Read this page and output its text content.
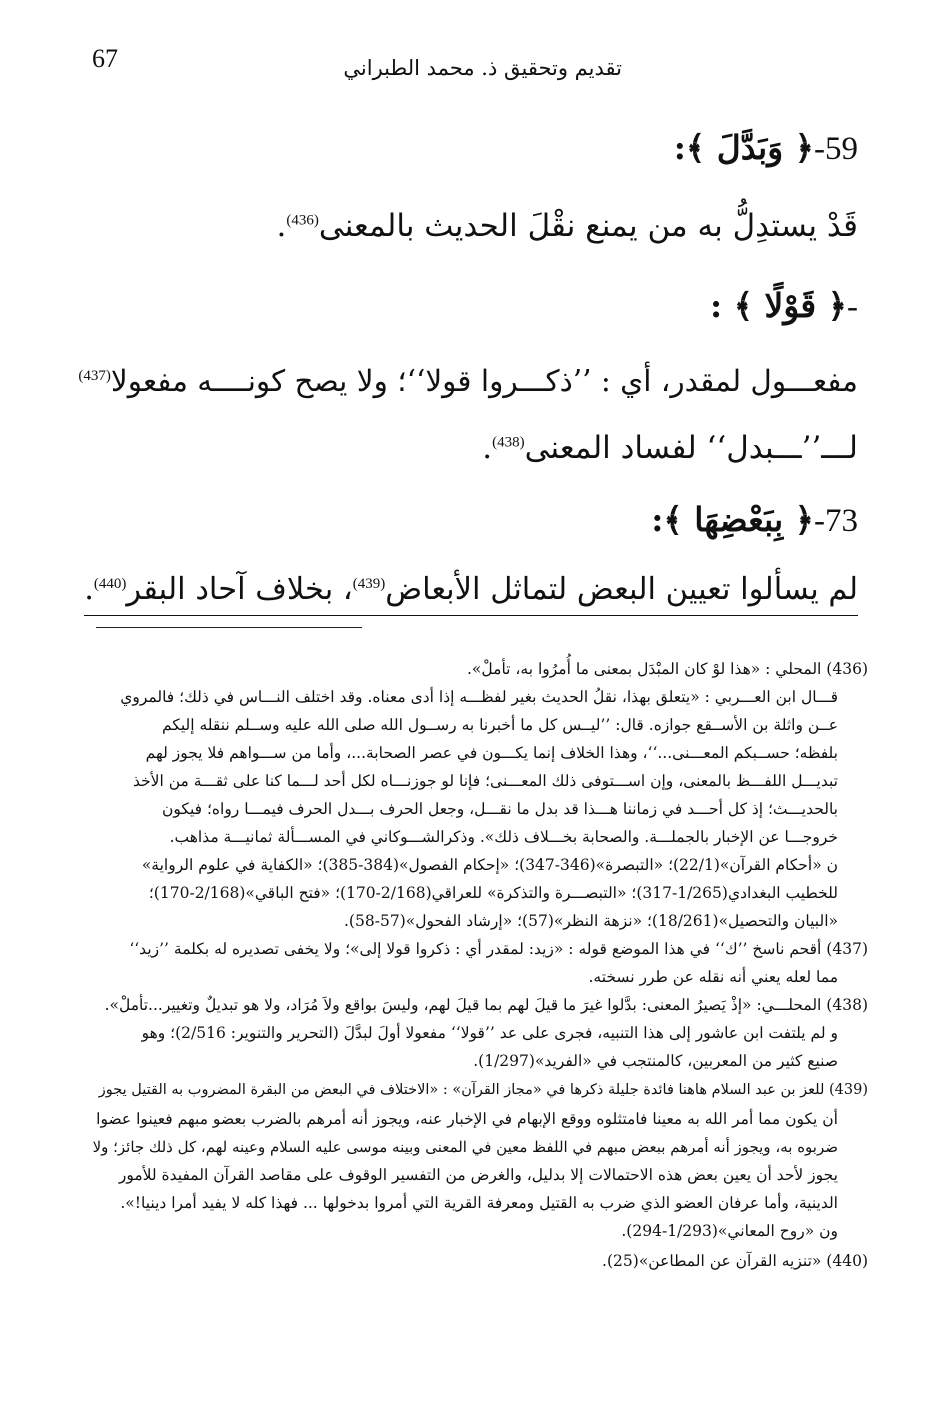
67	تقديم وتحقيق ذ. محمد الطبراني
59-﴿ وَبَدَّلَ ﴾:
قَدْ يستدِلُّ به من يمنع نقْلَ الحديث بالمعنى$^{(436)}$.
-﴿ قَوْلًا ﴾ :
مفعـــول لمقدر، أي : ’’ذكـــروا قولا‘‘؛ ولا يصح كونــــه مفعولا$^{(437)}$
لـــ’’ـــبدل‘‘ لفساد المعنى$^{(438)}$.
73-﴿ بِبَعْضِهَا ﴾:
لم يسألوا تعيين البعض لتماثل الأبعاض$^{(439)}$، بخلاف آحاد البقر$^{(440)}$.
(436) المحلي : «هذا لوْ كان المبْدَل بمعنى ما أُمرُوا به، تأملْ».
قـــال ابن العـــربي : «يتعلق بهذا، نقلُ الحديث بغير لفظـــه إذا أدى معناه. وقد اختلف النـــاس في ذلك؛ فالمروي
عــن واثلة بن الأســقع جوازه. قال: ’’ليــس كل ما أخبرنا به رســول الله صلى الله عليه وســلم ننقله إليكم
بلفظه؛ حســبكم المعـــنى...‘‘، وهذا الخلاف إنما يكـــون في عصر الصحابة...، وأما من ســـواهم فلا يجوز لهم
تبديـــل اللفـــظ بالمعنى، وإن اســـتوفى ذلك المعـــنى؛ فإنا لو جوزنـــاه لكل أحد لـــما كنا على ثقـــة من الأخذ
بالحديـــث؛ إذ كل أحـــد في زماننا هـــذا قد بدل ما نقـــل، وجعل الحرف بـــدل الحرف فيمـــا رواه؛ فيكون
خروجـــا عن الإخبار بالجملـــة. والصحابة بخـــلاف ذلك». وذكرالشـــوكاني في المســـألة ثمانيـــة مذاهب.
ن «أحكام القرآن»(22/1)؛ «التبصرة»(346-347)؛ «إحكام الفصول»(384-385)؛ «الكفاية في علوم الرواية»
للخطيب البغدادي(1/265-317)؛ «التبصـــرة والتذكرة» للعراقي(2/168-170)؛ «فتح الباقي»(2/168-170)؛
«البيان والتحصيل»(18/261)؛ «نزهة النظر»(57)؛ «إرشاد الفحول»(57-58).
(437) أقحم ناسخ ’’ك‘‘ في هذا الموضع قوله : «زيد: لمقدر أي : ذكروا قولا إلى»؛ ولا يخفى تصديره له بكلمة ’’زيد‘‘
مما لعله يعني أنه نقله عن طرر نسخته.
(438) المحلـــي: «إذْ يَصيرُ المعنى: بدَّلوا غيرَ ما قيلَ لهم بما قيلَ لهم، وليسَ بواقع ولاَ مُرَاد، ولا هو تبديلٌ وتغيير...تأملْ».
و لم يلتفت ابن عاشور إلى هذا التنبيه، فجرى على عد ’’قولا‘‘ مفعولا أولَ لبدَّلَ (التحرير والتنوير: 2/516)؛ وهو
صنيع كثير من المعربين، كالمنتجب في «الفريد»(1/297).
(439) للعز بن عبد السلام هاهنا فائدة جليلة ذكرها في «مجاز القرآن» : «الاختلاف في البعض من البقرة المضروب به القتيل يجوز
أن يكون مما أمر الله به معينا فامتثلوه ووقع الإبهام في الإخبار عنه، ويجوز أنه أمرهم بالضرب بعضو مبهم فعينوا عضوا
ضربوه به، ويجوز أنه أمرهم ببعض مبهم في اللفظ معين في المعنى وبينه موسى عليه السلام وعينه لهم، كل ذلك جائز؛ ولا
يجوز لأحد أن يعين بعض هذه الاحتمالات إلا بدليل، والغرض من التفسير الوقوف على مقاصد القرآن المفيدة للأمور
الدينية، وأما عرفان العضو الذي ضرب به القتيل ومعرفة القرية التي أمروا بدخولها ... فهذا كله لا يفيد أمرا دينيا!».
ون «روح المعاني»(1/293-294).
(440) «تنزيه القرآن عن المطاعن»(25).
